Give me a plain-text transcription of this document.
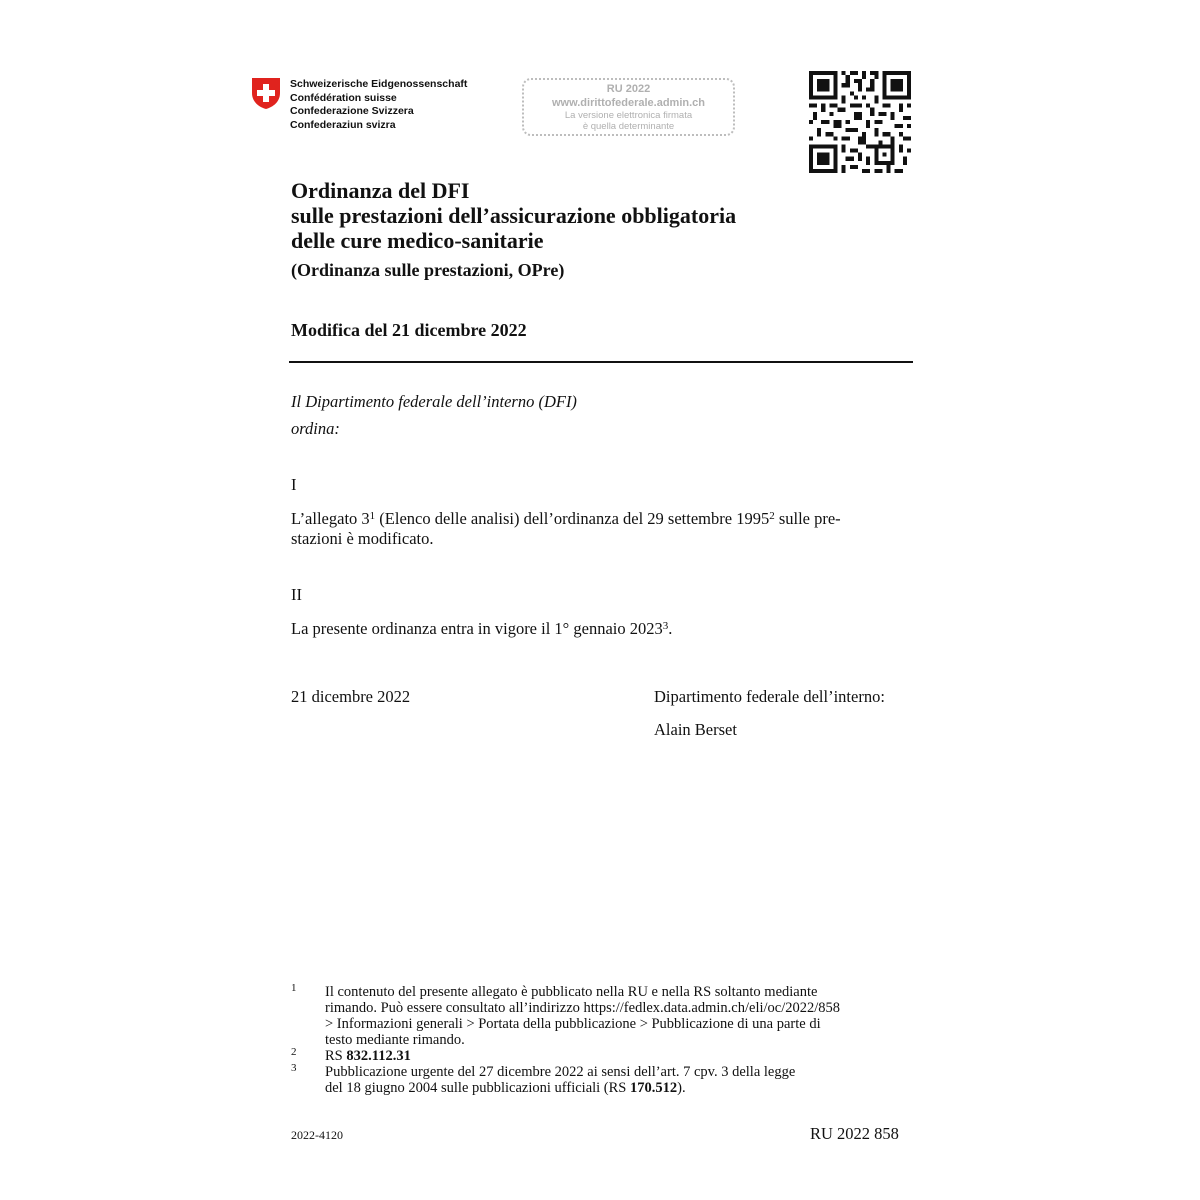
Schweizerische Eidgenossenschaft
Confédération suisse
Confederazione Svizzera
Confederaziun svizra
RU 2022
www.dirittofederale.admin.ch
La versione elettronica firmata
è quella determinante
Ordinanza del DFI
sulle prestazioni dell’assicurazione obbligatoria
delle cure medico-sanitarie
(Ordinanza sulle prestazioni, OPre)
Modifica del 21 dicembre 2022
Il Dipartimento federale dell’interno (DFI)
ordina:
I
L’allegato $3^1$ (Elenco delle analisi) dell’ordinanza del 29 settembre 1995$^2$ sulle pre-
stazioni è modificato.
II
La presente ordinanza entra in vigore il 1° gennaio 2023$^3$.
21 dicembre 2022	Dipartimento federale dell’interno:
Alain Berset
1 Il contenuto del presente allegato è pubblicato nella RU e nella RS soltanto mediante
rimando. Può essere consultato all’indirizzo https://fedlex.data.admin.ch/eli/oc/2022/858
> Informazioni generali > Portata della pubblicazione > Pubblicazione di una parte di
testo mediante rimando.
2 RS 832.112.31
3 Pubblicazione urgente del 27 dicembre 2022 ai sensi dell’art. 7 cpv. 3 della legge
del 18 giugno 2004 sulle pubblicazioni ufficiali (RS 170.512).
2022-4120	RU 2022 858
